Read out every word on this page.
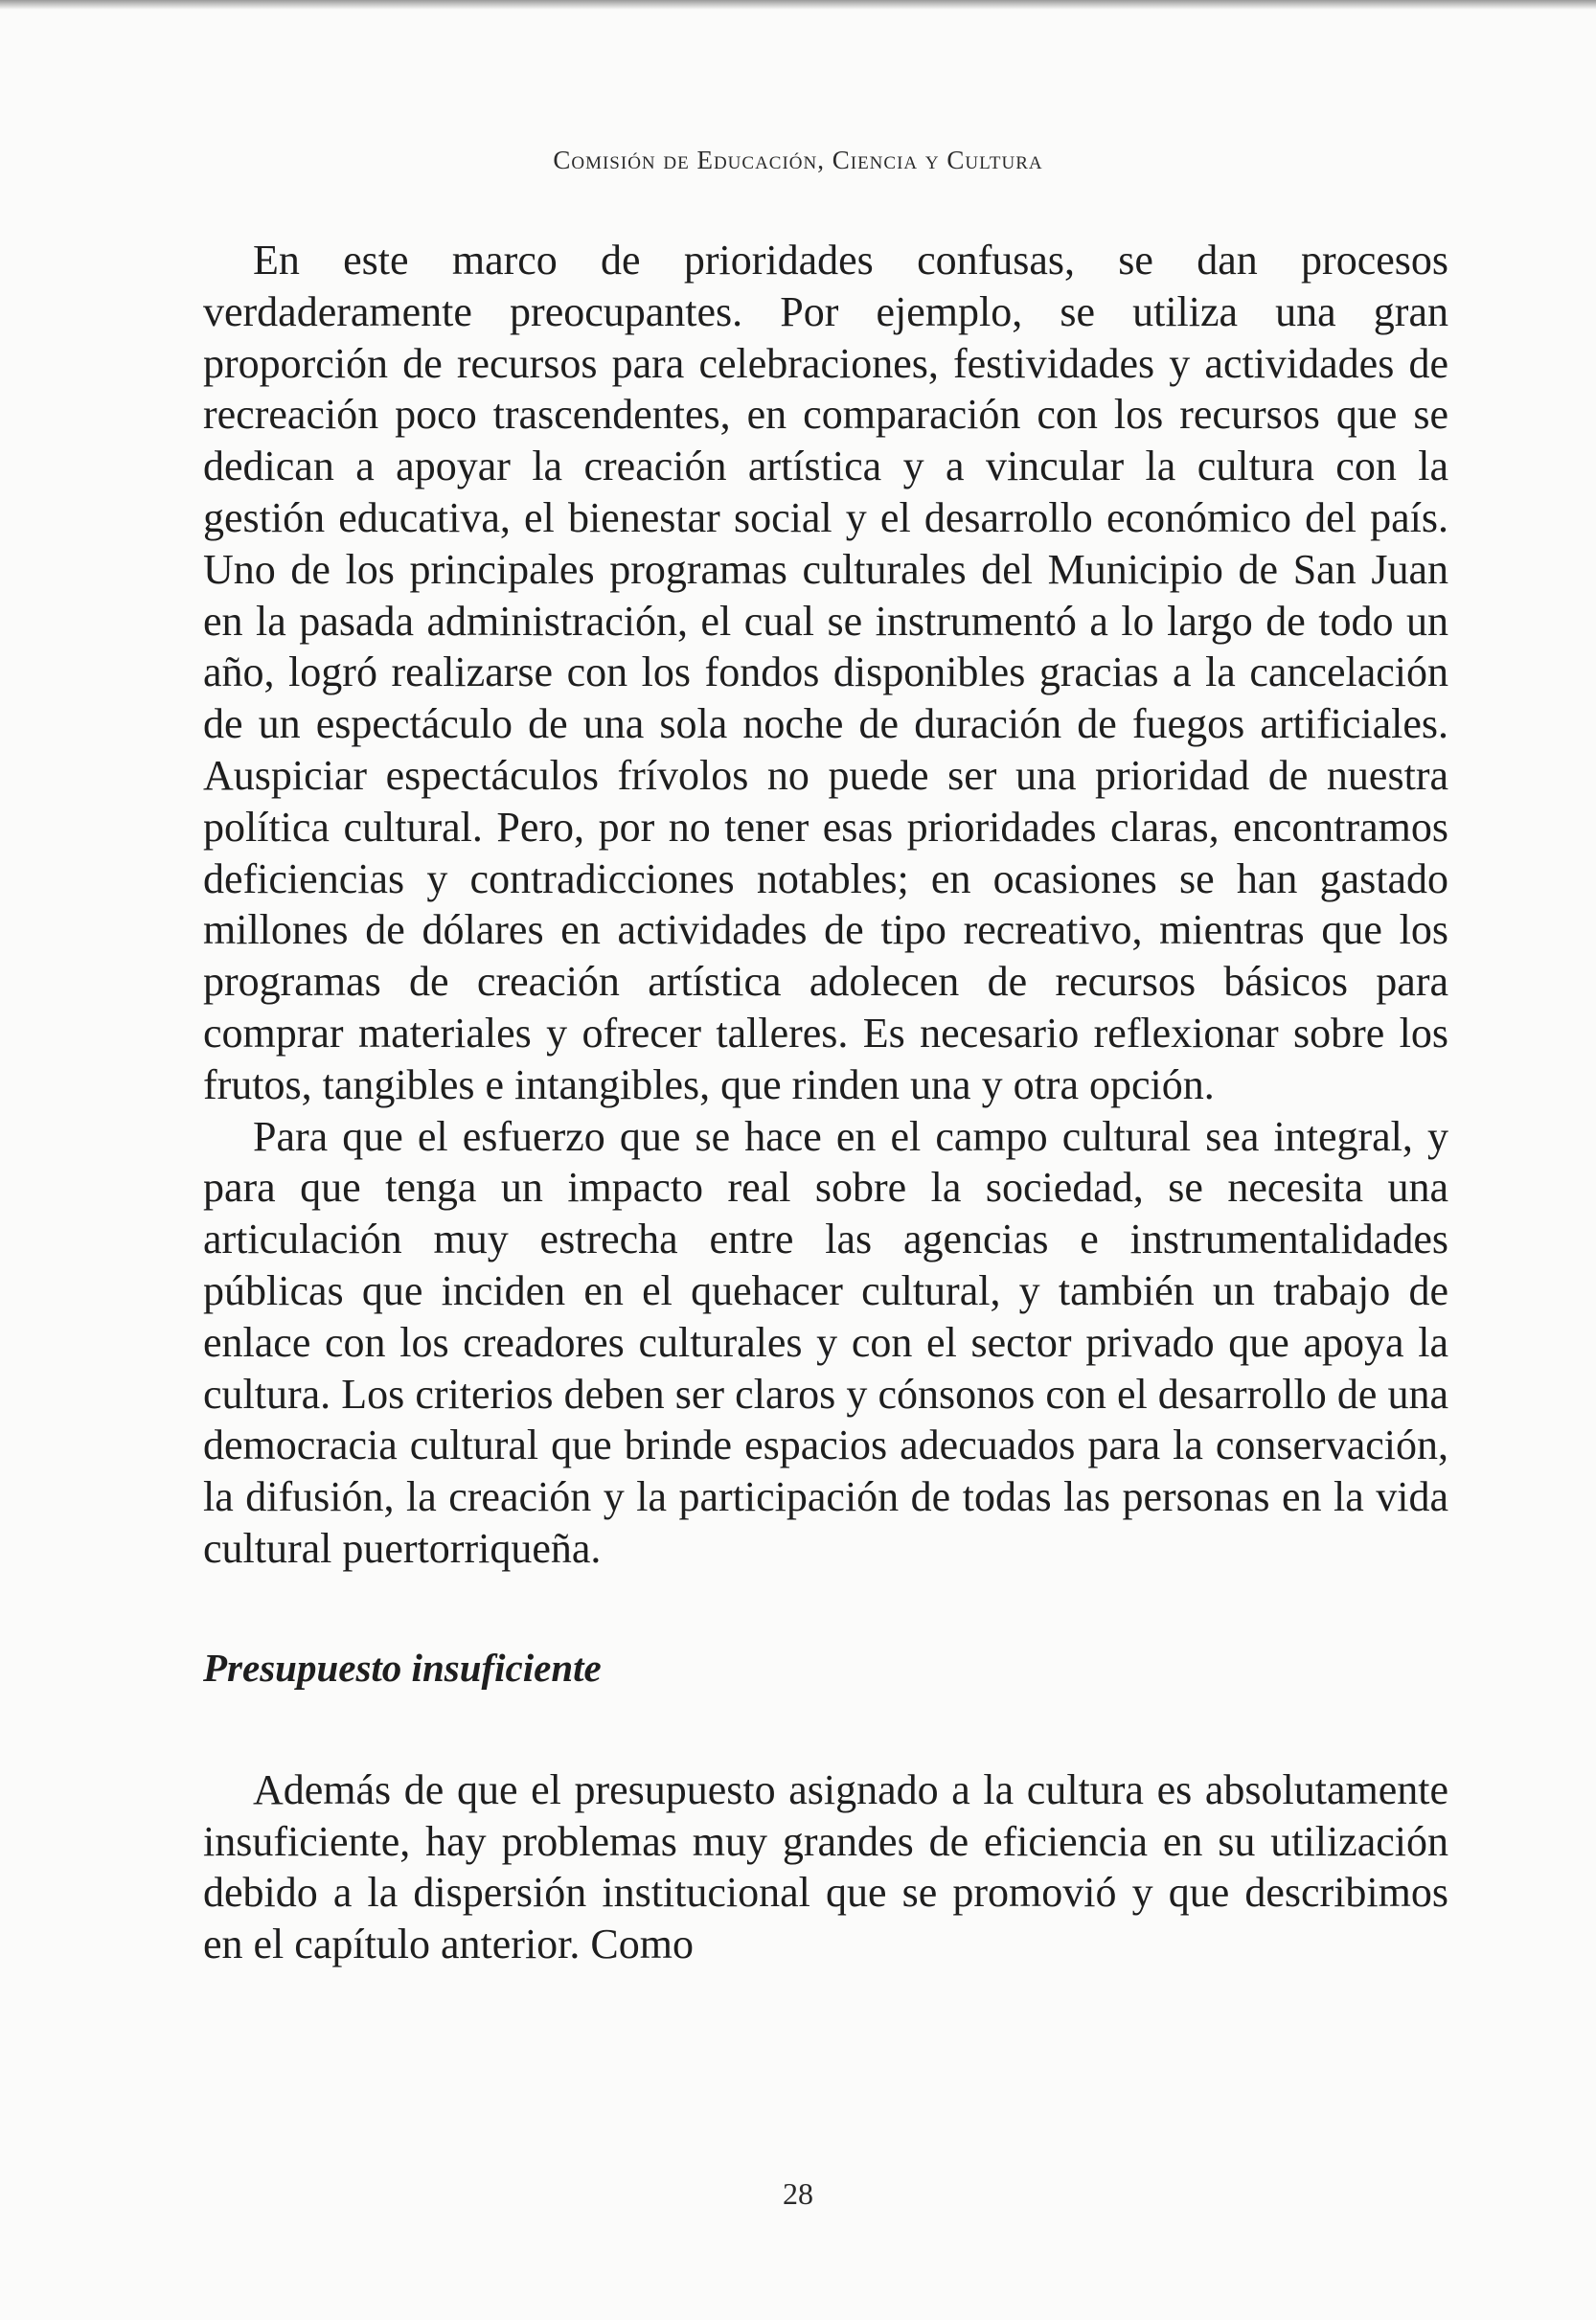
Comisión de Educación, Ciencia y Cultura

En este marco de prioridades confusas, se dan procesos verdaderamente preocupantes. Por ejemplo, se utiliza una gran proporción de recursos para celebraciones, festividades y actividades de recreación poco trascendentes, en comparación con los recursos que se dedican a apoyar la creación artística y a vincular la cultura con la gestión educativa, el bienestar social y el desarrollo económico del país. Uno de los principales programas culturales del Municipio de San Juan en la pasada administración, el cual se instrumentó a lo largo de todo un año, logró realizarse con los fondos disponibles gracias a la cancelación de un espectáculo de una sola noche de duración de fuegos artificiales. Auspiciar espectáculos frívolos no puede ser una prioridad de nuestra política cultural. Pero, por no tener esas prioridades claras, encontramos deficiencias y contradicciones notables; en ocasiones se han gastado millones de dólares en actividades de tipo recreativo, mientras que los programas de creación artística adolecen de recursos básicos para comprar materiales y ofrecer talleres. Es necesario reflexionar sobre los frutos, tangibles e intangibles, que rinden una y otra opción.

Para que el esfuerzo que se hace en el campo cultural sea integral, y para que tenga un impacto real sobre la sociedad, se necesita una articulación muy estrecha entre las agencias e instrumentalidades públicas que inciden en el quehacer cultural, y también un trabajo de enlace con los creadores culturales y con el sector privado que apoya la cultura. Los criterios deben ser claros y cónsonos con el desarrollo de una democracia cultural que brinde espacios adecuados para la conservación, la difusión, la creación y la participación de todas las personas en la vida cultural puertorriqueña.

Presupuesto insuficiente

Además de que el presupuesto asignado a la cultura es absolutamente insuficiente, hay problemas muy grandes de eficiencia en su utilización debido a la dispersión institucional que se promovió y que describimos en el capítulo anterior. Como

28
